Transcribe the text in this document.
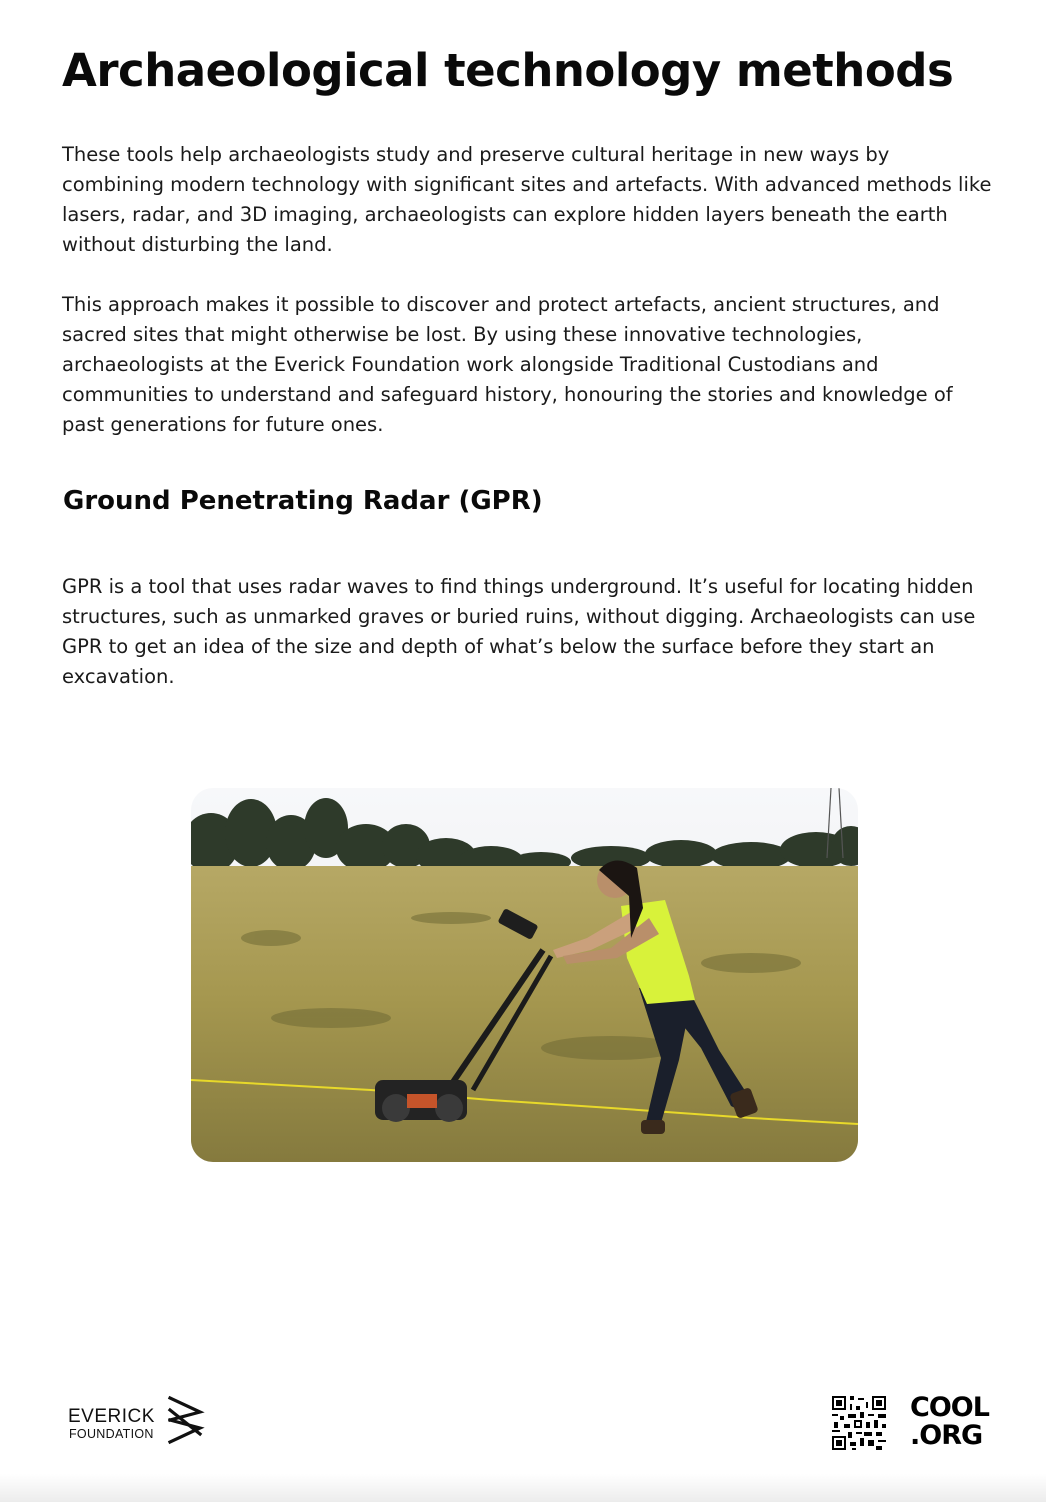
Archaeological technology methods

These tools help archaeologists study and preserve cultural heritage in new ways by combining modern technology with significant sites and artefacts. With advanced methods like lasers, radar, and 3D imaging, archaeologists can explore hidden layers beneath the earth without disturbing the land.

This approach makes it possible to discover and protect artefacts, ancient structures, and sacred sites that might otherwise be lost. By using these innovative technologies, archaeologists at the Everick Foundation work alongside Traditional Custodians and communities to understand and safeguard history, honouring the stories and knowledge of past generations for future ones.

Ground Penetrating Radar (GPR)

GPR is a tool that uses radar waves to find things underground. It’s useful for locating hidden structures, such as unmarked graves or buried ruins, without digging. Archaeologists can use GPR to get an idea of the size and depth of what’s below the surface before they start an excavation.

EVERICK
FOUNDATION
COOL
.ORG
